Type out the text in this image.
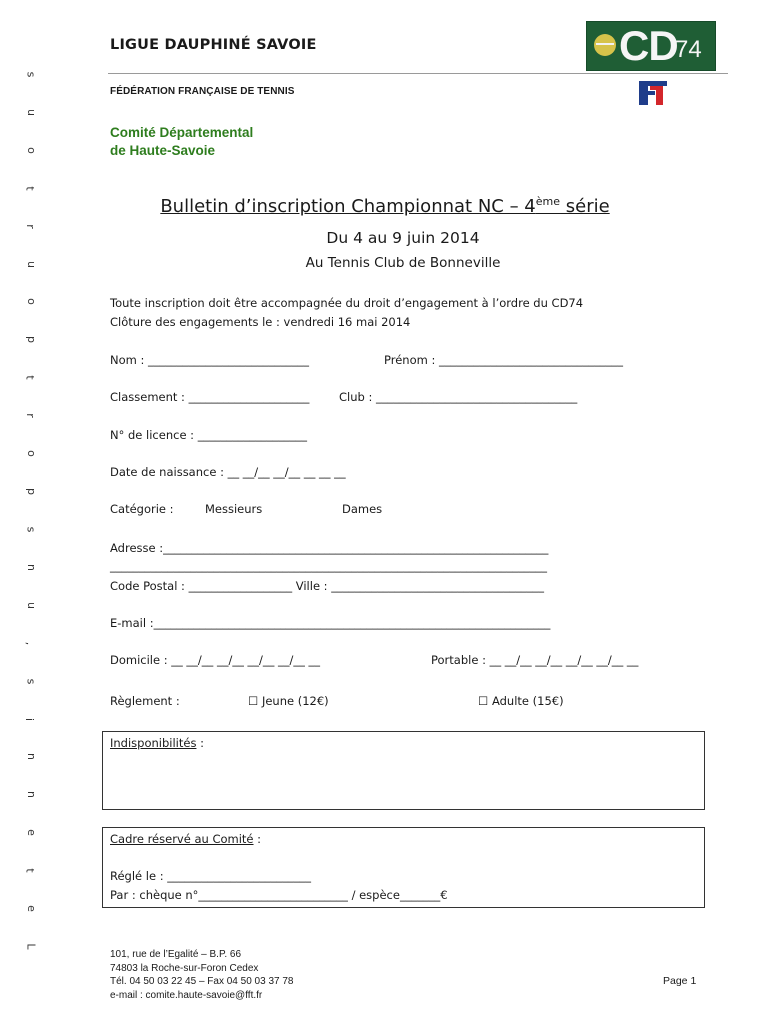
s
u
o
t
r
u
o
p
t
r
o
p
s
n
u
,
s
i
n
n
e
t
e
L
LIGUE DAUPHINÉ SAVOIE
FÉDÉRATION FRANÇAISE DE TENNIS
Comité Départemental
de Haute-Savoie
CD
74
Bulletin d’inscription Championnat NC – 4ème série
Du 4 au 9 juin 2014
Au Tennis Club de Bonneville
Toute inscription doit être accompagnée du droit d’engagement à l’ordre du CD74
Clôture des engagements le : vendredi 16 mai 2014
Nom : ____________________________	Prénom : ________________________________
Classement : _____________________	Club : ___________________________________
N° de licence : ___________________
Date de naissance : __ __/__ __/__ __ __ __
Catégorie :	Messieurs	Dames
Adresse :___________________________________________________________________
____________________________________________________________________________
Code Postal : __________________ Ville : _____________________________________
E-mail :_____________________________________________________________________
Domicile : __ __/__ __/__ __/__ __/__ __	Portable : __ __/__ __/__ __/__ __/__ __
Règlement :	☐ Jeune (12€)	☐ Adulte (15€)
Indisponibilités :
Cadre réservé au Comité :
Réglé le : _________________________
Par : chèque n°__________________________ / espèce_______€
101, rue de l’Egalité – B.P. 66
74803 la Roche-sur-Foron Cedex
Tél. 04 50 03 22 45 – Fax 04 50 03 37 78
e-mail : comite.haute-savoie@fft.fr
Page 1
